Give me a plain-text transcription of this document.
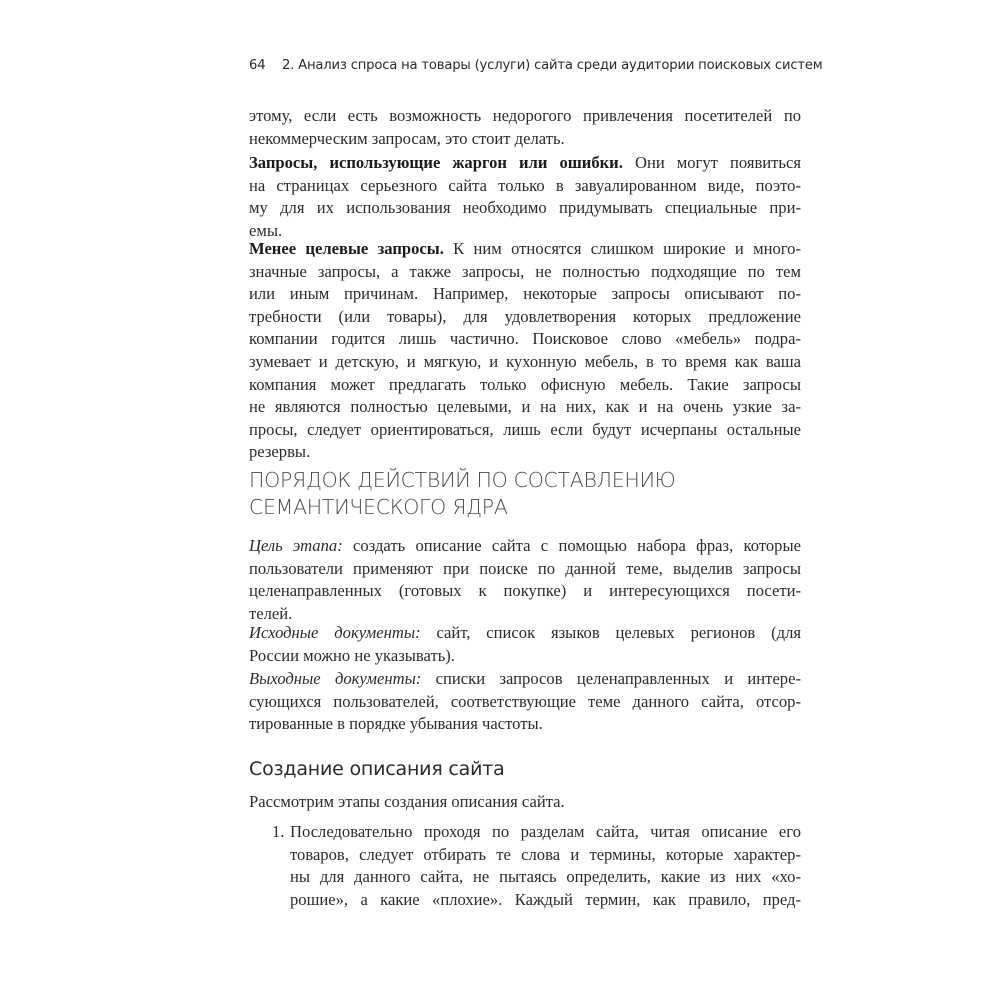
64 2. Анализ спроса на товары (услуги) сайта среди аудитории поисковых систем
этому, если есть возможность недорогого привлечения посетителей по
некоммерческим запросам, это стоит делать.
Запросы, использующие жаргон или ошибки. Они могут появиться
на страницах серьезного сайта только в завуалированном виде, поэто-
му для их использования необходимо придумывать специальные при-
емы.
Менее целевые запросы. К ним относятся слишком широкие и много-
значные запросы, а также запросы, не полностью подходящие по тем
или иным причинам. Например, некоторые запросы описывают по-
требности (или товары), для удовлетворения которых предложение
компании годится лишь частично. Поисковое слово «мебель» подра-
зумевает и детскую, и мягкую, и кухонную мебель, в то время как ваша
компания может предлагать только офисную мебель. Такие запросы
не являются полностью целевыми, и на них, как и на очень узкие за-
просы, следует ориентироваться, лишь если будут исчерпаны остальные
резервы.
ПОРЯДОК ДЕЙСТВИЙ ПО СОСТАВЛЕНИЮ
СЕМАНТИЧЕСКОГО ЯДРА
Цель этапа: создать описание сайта с помощью набора фраз, которые
пользователи применяют при поиске по данной теме, выделив запросы
целенаправленных (готовых к покупке) и интересующихся посети-
телей.
Исходные документы: сайт, список языков целевых регионов (для
России можно не указывать).
Выходные документы: списки запросов целенаправленных и интере-
сующихся пользователей, соответствующие теме данного сайта, отсор-
тированные в порядке убывания частоты.
Создание описания сайта
Рассмотрим этапы создания описания сайта.
1. Последовательно проходя по разделам сайта, читая описание его
товаров, следует отбирать те слова и термины, которые характер-
ны для данного сайта, не пытаясь определить, какие из них «хо-
рошие», а какие «плохие». Каждый термин, как правило, пред-
